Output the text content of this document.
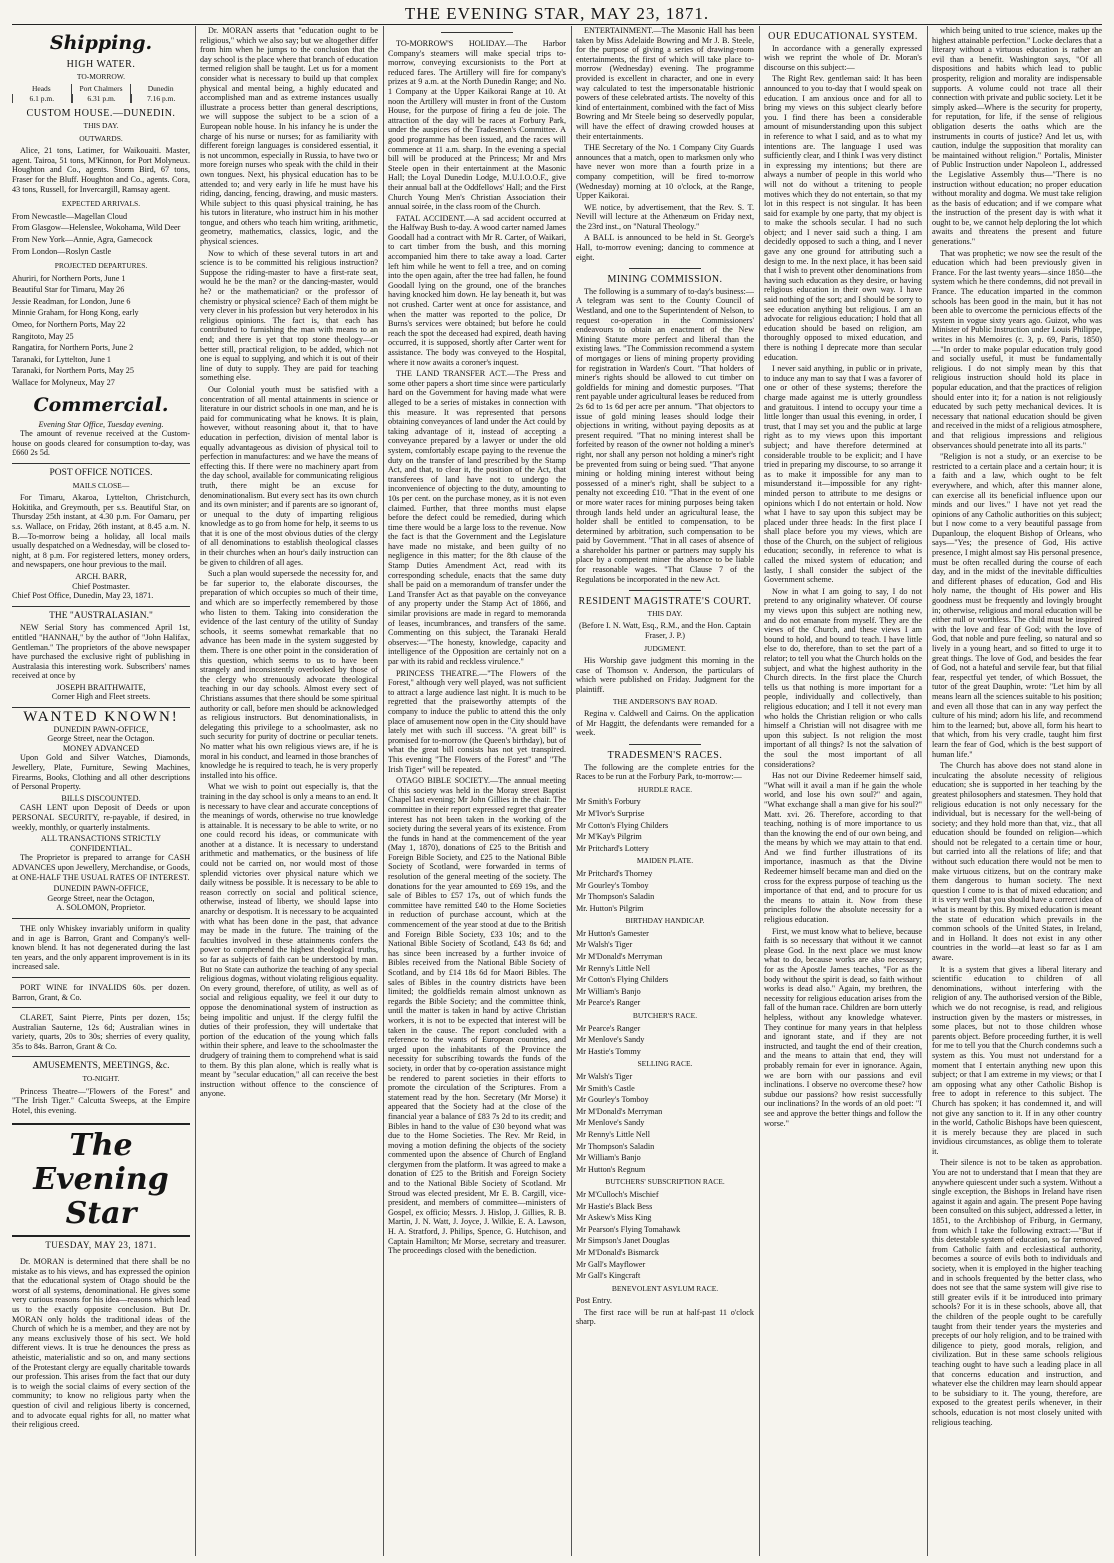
THE EVENING STAR, MAY 23, 1871.
Shipping.
HIGH WATER.
TO-MORROW.
Heads
6.1 p.m.
Port Chalmers
6.31 p.m.
Dunedin
7.16 p.m.
CUSTOM HOUSE.—DUNEDIN.
THIS DAY.
OUTWARDS.

Alice, 21 tons, Latimer, for Waikouaiti. Master, agent. Tairoa, 51 tons, M'Kinnon, for Port Molyneux. Houghton and Co., agents. Storm Bird, 67 tons, Fraser for the Bluff. Houghton and Co., agents. Cora, 43 tons, Russell, for Invercargill, Ramsay agent.

EXPECTED ARRIVALS.

From Newcastle—Magellan Cloud

From Glasgow—Helenslee, Wokohama, Wild Deer

From New York—Annie, Agra, Gamecock

From London—Roslyn Castle

PROJECTED DEPARTURES.

Ahuriri, for Northern Ports, June 1

Beautiful Star for Timaru, May 26

Jessie Readman, for London, June 6

Minnie Graham, for Hong Kong, early

Omeo, for Northern Ports, May 22

Rangitoto, May 25

Rangatira, for Northern Ports, June 2

Taranaki, for Lyttelton, June 1

Taranaki, for Northern Ports, May 25

Wallace for Molyneux, May 27

Commercial.
Evening Star Office, Tuesday evening.

The amount of revenue received at the Custom-house on goods cleared for consumption to-day, was £660 2s 5d.

POST OFFICE NOTICES.
MAILS CLOSE—

For Timaru, Akaroa, Lyttelton, Christchurch, Hokitika, and Greymouth, per s.s. Beautiful Star, on Thursday 25th instant, at 4.30 p.m. For Oamaru, per s.s. Wallace, on Friday, 26th instant, at 8.45 a.m. N. B.—To-morrow being a holiday, all local mails usually despatched on a Wednesday, will be closed to-night, at 8 p.m. For registered letters, money orders, and newspapers, one hour previous to the mail.

ARCH. BARR,
Chief Postmaster.
Chief Post Office, Dunedin, May 23, 1871.
THE "AUSTRALASIAN."

NEW Serial Story has commenced April 1st, entitled "HANNAH," by the author of "John Halifax, Gentleman." The proprietors of the above newspaper have purchased the exclusive right of publishing in Australasia this interesting work. Subscribers' names received at once by

JOSEPH BRAITHWAITE,
Corner High and Fleet streets.
WANTED KNOWN!
DUNEDIN PAWN-OFFICE,
George Street, near the Octagon.
MONEY ADVANCED

Upon Gold and Silver Watches, Diamonds, Jewellery, Plate, Furniture, Sewing Machines, Firearms, Books, Clothing and all other descriptions of Personal Property.

BILLS DISCOUNTED.

CASH LENT upon Deposit of Deeds or upon PERSONAL SECURITY, re-payable, if desired, in weekly, monthly, or quarterly instalments.

ALL TRANSACTIONS STRICTLY CONFIDENTIAL.

The Proprietor is prepared to arrange for CASH ADVANCES upon Jewellery, Merchandise, or Goods, at ONE-HALF THE USUAL RATES OF INTEREST.

DUNEDIN PAWN-OFFICE,
George Street, near the Octagon,
A. SOLOMON, Proprietor.

THE only Whiskey invariably uniform in quality and in age is Barron, Grant and Company's well-known blend. It has not degenerated during the last ten years, and the only apparent improvement is in its increased sale.

PORT WINE for INVALIDS 60s. per dozen. Barron, Grant, & Co.

CLARET, Saint Pierre, Pints per dozen, 15s; Australian Sauterne, 12s 6d; Australian wines in variety, quarts, 20s to 30s; sherries of every quality, 35s to 84s. Barron, Grant & Co.

AMUSEMENTS, MEETINGS, &c.
TO-NIGHT.

Princess Theatre—"Flowers of the Forest" and "The Irish Tiger." Calcutta Sweeps, at the Empire Hotel, this evening.

The Evening Star
TUESDAY, MAY 23, 1871.

Dr. MORAN is determined that there shall be no mistake as to his views, and has expressed the opinion that the educational system of Otago should be the worst of all systems, denominational. He gives some very curious reasons for his idea—reasons which lead us to the exactly opposite conclusion. But Dr. MORAN only holds the traditional ideas of the Church of which he is a member, and they are not by any means exclusively those of his sect. We hold different views. It is true he denounces the press as atheistic, materialistic and so on, and many sections of the Protestant clergy are equally charitable towards our profession. This arises from the fact that our duty is to weigh the social claims of every section of the community; to know no religious party when the question of civil and religious liberty is concerned, and to advocate equal rights for all, no matter what their religious creed.

Dr. MORAN asserts that "education ought to be religious," which we also say; but we altogether differ from him when he jumps to the conclusion that the day school is the place where that branch of education termed religion shall be taught. Let us for a moment consider what is necessary to build up that complex physical and mental being, a highly educated and accomplished man and as extreme instances usually illustrate a process better than general descriptions, we will suppose the subject to be a scion of a European noble house. In his infancy he is under the charge of his nurse or nurses; for as familiarity with different foreign languages is considered essential, it is not uncommon, especially in Russia, to have two or more foreign nurses who speak with the child in their own tongues. Next, his physical education has to be attended to; and very early in life he must have his riding, dancing, fencing, drawing, and music masters. While subject to this quasi physical training, he has his tutors in literature, who instruct him in his mother tongue, and others who teach him writing, arithmetic, geometry, mathematics, classics, logic, and the physical sciences.

Now to which of these several tutors in art and science is to be committed his religious instruction? Suppose the riding-master to have a first-rate seat, would he be the man? or the dancing-master, would he? or the mathematician? or the professor of chemistry or physical science? Each of them might be very clever in his profession but very heterodox in his religious opinions. The fact is, that each has contributed to furnishing the man with means to an end; and there is yet that top stone theology—or better still, practical religion, to be added, which not one is equal to supplying, and which it is out of their line of duty to supply. They are paid for teaching something else.

Our Colonial youth must be satisfied with a concentration of all mental attainments in science or literature in our district schools in one man, and he is paid for communicating what he knows. It is plain, however, without reasoning about it, that to have education in perfection, division of mental labor is equally advantageous as division of physical toil to perfection in manufactures: and we have the means of effecting this. If there were no machinery apart from the day school, available for communicating religious truth, there might be an excuse for denominationalism. But every sect has its own church and its own minister; and if parents are so ignorant of, or unequal to the duty of imparting religious knowledge as to go from home for help, it seems to us that it is one of the most obvious duties of the clergy of all denominations to establish theological classes in their churches when an hour's daily instruction can be given to children of all ages.

Such a plan would supersede the necessity for, and be far superior to, the elaborate discourses, the preparation of which occupies so much of their time, and which are so imperfectly remembered by those who listen to them. Taking into consideration the evidence of the last century of the utility of Sunday schools, it seems somewhat remarkable that no advance has been made in the system suggested by them. There is one other point in the consideration of this question, which seems to us to have been strangely and inconsistently overlooked by those of the clergy who strenuously advocate theological teaching in our day schools. Almost every sect of Christians assumes that there should be some spiritual authority or call, before men should be acknowledged as religious instructors. But denominationalists, in delegating this privilege to a schoolmaster, ask no such security for purity of doctrine or peculiar tenets. No matter what his own religious views are, if he is moral in his conduct, and learned in those branches of knowledge he is required to teach, he is very properly installed into his office.

What we wish to point out especially is, that the training in the day school is only a means to an end. It is necessary to have clear and accurate conceptions of the meanings of words, otherwise no true knowledge is attainable. It is necessary to be able to write, or no one could record his ideas, or communicate with another at a distance. It is necessary to understand arithmetic and mathematics, or the business of life could not be carried on, nor would most of those splendid victories over physical nature which we daily witness be possible. It is necessary to be able to reason correctly on social and political science, otherwise, instead of liberty, we should lapse into anarchy or despotism. It is necessary to be acquainted with what has been done in the past, that advance may be made in the future. The training of the faculties involved in these attainments confers the power to comprehend the highest theological truths, so far as subjects of faith can be understood by man. But no State can authorize the teaching of any special religious dogmas, without violating religious equality. On every ground, therefore, of utility, as well as of social and religious equality, we feel it our duty to oppose the denominational system of instruction as being impolitic and unjust. If the clergy fulfil the duties of their profession, they will undertake that portion of the education of the young which falls within their sphere, and leave to the schoolmaster the drudgery of training them to comprehend what is said to them. By this plan alone, which is really what is meant by "secular education," all can receive the best instruction without offence to the conscience of anyone.

TO-MORROW'S HOLIDAY.—The Harbor Company's steamers will make special trips to-morrow, conveying excursionists to the Port at reduced fares. The Artillery will fire for company's prizes at 9 a.m. at the North Dunedin Range; and No. 1 Company at the Upper Kaikorai Range at 10. At noon the Artillery will muster in front of the Custom House, for the purpose of firing a feu de joie. The attraction of the day will be races at Forbury Park, under the auspices of the Tradesmen's Committee. A good programme has been issued, and the races will commence at 11 a.m. sharp. In the evening a special bill will be produced at the Princess; Mr and Mrs Steele open in their entertainment at the Masonic Hall; the Loyal Dunedin Lodge, M.U.I.O.O.F., give their annual ball at the Oddfellows' Hall; and the First Church Young Men's Christian Association their annual soirée, in the class room of the Church.

FATAL ACCIDENT.—A sad accident occurred at the Halfway Bush to-day. A wood carter named James Goodall had a contract with Mr R. Carter, of Waikari, to cart timber from the bush, and this morning accompanied him there to take away a load. Carter left him while he went to fell a tree, and on coming into the open again, after the tree had fallen, he found Goodall lying on the ground, one of the branches having knocked him down. He lay beneath it, but was not crushed. Carter went at once for assistance, and when the matter was reported to the police, Dr Burns's services were obtained; but before he could reach the spot the deceased had expired, death having occurred, it is supposed, shortly after Carter went for assistance. The body was conveyed to the Hospital, where it now awaits a coroner's inquest.

THE LAND TRANSFER ACT.—The Press and some other papers a short time since were particularly hard on the Government for having made what were alleged to be a series of mistakes in connection with this measure. It was represented that persons obtaining conveyances of land under the Act could by taking advantage of it, instead of accepting a conveyance prepared by a lawyer or under the old system, comfortably escape paying to the revenue the duty on the transfer of land prescribed by the Stamp Act, and that, to clear it, the position of the Act, that transferees of land have not to undergo the inconvenience of objecting to the duty, amounting to 10s per cent. on the purchase money, as it is not even claimed. Further, that three months must elapse before the defect could be remedied, during which time there would be a large loss to the revenue. Now the fact is that the Government and the Legislature have made no mistake, and been guilty of no negligence in this matter; for the 8th clause of the Stamp Duties Amendment Act, read with its corresponding schedule, enacts that the same duty shall be paid on a memorandum of transfer under the Land Transfer Act as that payable on the conveyance of any property under the Stamp Act of 1866, and similar provisions are made in regard to memoranda of leases, incumbrances, and transfers of the same. Commenting on this subject, the Taranaki Herald observes:—"The honesty, knowledge, capacity and intelligence of the Opposition are certainly not on a par with its rabid and reckless virulence."

PRINCESS THEATRE.—"The Flowers of the Forest," although very well played, was not sufficient to attract a large audience last night. It is much to be regretted that the praiseworthy attempts of the company to induce the public to attend this the only place of amusement now open in the City should have lately met with such ill success. "A great bill" is promised for to-morrow (the Queen's birthday), but of what the great bill consists has not yet transpired. This evening "The Flowers of the Forest" and "The Irish Tiger" will be repeated.

OTAGO BIBLE SOCIETY.—The annual meeting of this society was held in the Moray street Baptist Chapel last evening; Mr John Gillies in the chair. The committee in their report expressed regret that greater interest has not been taken in the working of the society during the several years of its existence. From the funds in hand at the commencement of the year (May 1, 1870), donations of £25 to the British and Foreign Bible Society, and £25 to the National Bible Society of Scotland, were forwarded in terms of resolution of the general meeting of the society. The donations for the year amounted to £69 19s, and the sale of Bibles to £57 17s, out of which funds the committee have remitted £40 to the Home Societies in reduction of purchase account, which at the commencement of the year stood at due to the British and Foreign Bible Society, £33 10s; and to the National Bible Society of Scotland, £43 8s 6d; and has since been increased by a further invoice of Bibles received from the National Bible Society of Scotland, and by £14 18s 6d for Maori Bibles. The sales of Bibles in the country districts have been limited; the goldfields remain almost unknown as regards the Bible Society; and the committee think, until the matter is taken in hand by active Christian workers, it is not to be expected that interest will be taken in the cause. The report concluded with a reference to the wants of European countries, and urged upon the inhabitants of the Province the necessity for subscribing towards the funds of the society, in order that by co-operation assistance might be rendered to parent societies in their efforts to promote the circulation of the Scriptures. From a statement read by the hon. Secretary (Mr Morse) it appeared that the Society had at the close of the financial year a balance of £83 7s 2d to its credit; and Bibles in hand to the value of £30 beyond what was due to the Home Societies. The Rev. Mr Reid, in moving a motion defining the objects of the society commented upon the absence of Church of England clergymen from the platform. It was agreed to make a donation of £25 to the British and Foreign Society and to the National Bible Society of Scotland. Mr Stroud was elected president, Mr E. B. Cargill, vice-president, and members of committee—ministers of Gospel, ex officio; Messrs. J. Hislop, J. Gillies, R. B. Martin, J. N. Watt, J. Joyce, J. Wilkie, E. A. Lawson, H. A. Stratford, J. Philips, Spence, G. Hutchison, and Captain Hamilton; Mr Morse, secretary and treasurer. The proceedings closed with the benediction.

ENTERTAINMENT.—The Masonic Hall has been taken by Miss Adelaide Bowring and Mr J. B. Steele, for the purpose of giving a series of drawing-room entertainments, the first of which will take place to-morrow (Wednesday) evening. The programme provided is excellent in character, and one in every way calculated to test the impersonatable histrionic powers of these celebrated artists. The novelty of this kind of entertainment, combined with the fact of Miss Bowring and Mr Steele being so deservedly popular, will have the effect of drawing crowded houses at their entertainments.

THE Secretary of the No. 1 Company City Guards announces that a match, open to marksmen only who have never won more than a fourth prize in a company competition, will be fired to-morrow (Wednesday) morning at 10 o'clock, at the Range, Upper Kaikorai.

WE notice, by advertisement, that the Rev. S. T. Nevill will lecture at the Athenæum on Friday next, the 23rd inst., on "Natural Theology."

A BALL is announced to be held in St. George's Hall, to-morrow evening; dancing to commence at eight.

MINING COMMISSION.

The following is a summary of to-day's business:— A telegram was sent to the County Council of Westland, and one to the Superintendent of Nelson, to request co-operation in the Commissioners' endeavours to obtain an enactment of the New Mining Statute more perfect and liberal than the existing laws. "The Commission recommend a system of mortgages or liens of mining property providing for registration in Warden's Court. "That holders of miner's rights should be allowed to cut timber on goldfields for mining and domestic purposes. "That rent payable under agricultural leases be reduced from 2s 6d to 1s 6d per acre per annum. "That objectors to issue of gold mining leases should lodge their objections in writing, without paying deposits as at present required. "That no mining interest shall be forfeited by reason of the owner not holding a miner's right, nor shall any person not holding a miner's right be prevented from suing or being sued. "That anyone mining or holding mining interest without being possessed of a miner's right, shall be subject to a penalty not exceeding £10. "That in the event of one or more water races for mining purposes being taken through lands held under an agricultural lease, the holder shall be entitled to compensation, to be determined by arbitration, such compensation to be paid by Government. "That in all cases of absence of a shareholder his partner or partners may supply his place by a competent miner the absence to be liable for reasonable wages. "That Clause 7 of the Regulations be incorporated in the new Act.

RESIDENT MAGISTRATE'S COURT.
THIS DAY.
(Before I. N. Watt, Esq., R.M., and the Hon. Captain Fraser, J. P.)
JUDGMENT.

His Worship gave judgment this morning in the case of Thomson v. Anderson, the particulars of which were published on Friday. Judgment for the plaintiff.

THE ANDERSON'S BAY ROAD.

Regina v. Caldwell and Cairns. On the application of Mr Haggitt, the defendants were remanded for a week.

TRADESMEN'S RACES.

The following are the complete entries for the Races to be run at the Forbury Park, to-morrow:—

HURDLE RACE.

Mr Smith's Forbury

Mr M'Ivor's Surprise

Mr Cotton's Flying Childers

Mr M'Kay's Pilgrim

Mr Pritchard's Lottery

MAIDEN PLATE.

Mr Pritchard's Thorney

Mr Gourley's Tomboy

Mr Thompson's Saladin

Mr. Hutton's Pilgrim

BIRTHDAY HANDICAP.

Mr Hutton's Gamester

Mr Walsh's Tiger

Mr M'Donald's Merryman

Mr Renny's Little Nell

Mr Cotton's Flying Childers

Mr William's Banjo

Mr Pearce's Ranger

BUTCHER'S RACE.

Mr Pearce's Ranger

Mr Menlove's Sandy

Mr Hastie's Tommy

SELLING RACE.

Mr Walsh's Tiger

Mr Smith's Castle

Mr Gourley's Tomboy

Mr M'Donald's Merryman

Mr Menlove's Sandy

Mr Renny's Little Nell

Mr Thompson's Saladin

Mr William's Banjo

Mr Hutton's Regnum

BUTCHERS' SUBSCRIPTION RACE.

Mr M'Culloch's Mischief

Mr Hastie's Black Bess

Mr Askew's Miss King

Mr Pearson's Flying Tomahawk

Mr Simpson's Janet Douglas

Mr M'Donald's Bismarck

Mr Gall's Mayflower

Mr Gall's Kingcraft

BENEVOLENT ASYLUM RACE.

Post Entry.

The first race will be run at half-past 11 o'clock sharp.

OUR EDUCATIONAL SYSTEM.

In accordance with a generally expressed wish we reprint the whole of Dr. Moran's discourse on this subject:—

The Right Rev. gentleman said: It has been announced to you to-day that I would speak on education. I am anxious once and for all to bring my views on this subject clearly before you. I find there has been a considerable amount of misunderstanding upon this subject in reference to what I said, and as to what my intentions are. The language I used was sufficiently clear, and I think I was very distinct in expressing my intentions; but there are always a number of people in this world who will not do without a tritening to people motives which they do not entertain, so that my lot in this respect is not singular. It has been said for example by one party, that my object is to make the schools secular. I had no such object; and I never said such a thing. I am decidedly opposed to such a thing, and I never gave any one ground for attributing such a design to me. In the next place, it has been said that I wish to prevent other denominations from having such education as they desire, or having religious education in their own way. I have said nothing of the sort; and I should be sorry to see education anything but religious. I am an advocate for religious education; I hold that all education should be based on religion, am thoroughly opposed to mixed education, and there is nothing I deprecate more than secular education.

I never said anything, in public or in private, to induce any man to say that I was a favorer of one or other of these systems; therefore the charge made against me is utterly groundless and gratuitous. I intend to occupy your time a little longer than usual this evening, in order, I trust, that I may set you and the public at large right as to my views upon this important subject; and have therefore determined at considerable trouble to be explicit; and I have tried in preparing my discourse, to so arrange it as to make it impossible for any man to misunderstand it—impossible for any right-minded person to attribute to me designs or opinions which I do not entertain or hold. Now what I have to say upon this subject may be placed under three heads: In the first place I shall place before you my views, which are those of the Church, on the subject of religious education; secondly, in reference to what is called the mixed system of education; and lastly, I shall consider the subject of the Government scheme.

Now in what I am going to say, I do not pretend to any originality whatever. Of course my views upon this subject are nothing new, and do not emanate from myself. They are the views of the Church, and these views I am bound to hold, and bound to teach. I have little else to do, therefore, than to set the part of a relator; to tell you what the Church holds on the subject, and what the highest authority in the Church directs. In the first place the Church tells us that nothing is more important for a people, individually and collectively, than religious education; and I tell it not every man who holds the Christian religion or who calls himself a Christian will not disagree with me upon this subject. Is not religion the most important of all things? Is not the salvation of the soul the most important of all considerations?

Has not our Divine Redeemer himself said, "What will it avail a man if he gain the whole world, and lose his own soul?" and again, "What exchange shall a man give for his soul?" Matt. xvi. 26. Therefore, according to that teaching, nothing is of more importance to us than the knowing the end of our own being, and the means by which we may attain to that end. And we find further illustrations of its importance, inasmuch as that the Divine Redeemer himself became man and died on the cross for the express purpose of teaching us the importance of that end, and to procure for us the means to attain it. Now from these principles follow the absolute necessity for a religious education.

First, we must know what to believe, because faith is so necessary that without it we cannot please God. In the next place we must know what to do, because works are also necessary; for as the Apostle James teaches, "For as the body without the spirit is dead, so faith without works is dead also." Again, my brethren, the necessity for religious education arises from the fall of the human race. Children are born utterly helpless, without any knowledge whatever. They continue for many years in that helpless and ignorant state, and if they are not instructed, and taught the end of their creation, and the means to attain that end, they will probably remain for ever in ignorance. Again, we are born with our passions and evil inclinations. I observe no overcome these? how subdue our passions? how resist successfully our inclinations? In the words of an old poet: "I see and approve the better things and follow the worse."

which being united to true science, makes up the highest attainable perfection." Locke declares that a literary without a virtuous education is rather an evil than a benefit. Washington says, "Of all dispositions and habits which lead to public prosperity, religion and morality are indispensable supports. A volume could not trace all their connection with private and public society. Let it be simply asked—Where is the security for property, for reputation, for life, if the sense of religious obligation deserts the oaths which are the instruments in courts of justice? And let us, with caution, indulge the supposition that morality can be maintained without religion." Portalis, Minister of Public Instruction under Napoleon I., addressed the Legislative Assembly thus—"There is no instruction without education; no proper education without morality and dogma. We must take religion as the basis of education; and if we compare what the instruction of the present day is with what it ought to be, we cannot help deploring the lot which awaits and threatens the present and future generations."

That was prophetic; we now see the result of the education which had been previously given in France. For the last twenty years—since 1850—the system which he there condemns, did not prevail in France. The education imparted in the common schools has been good in the main, but it has not been able to overcome the pernicious effects of the system in vogue sixty years ago. Guizot, who was Minister of Public Instruction under Louis Philippe, writes in his Memoires (c. 3, p. 69, Paris, 1850)—"In order to make popular education truly good and socially useful, it must be fundamentally religious. I do not simply mean by this that religious instruction should hold its place in popular education, and that the practices of religion should enter into it; for a nation is not religiously educated by such petty mechanical devices. It is necessary that national education should be given and received in the midst of a religious atmosphere, and that religious impressions and religious observances should penetrate into all its parts."

"Religion is not a study, or an exercise to be restricted to a certain place and a certain hour; it is a faith and a law, which ought to be felt everywhere, and which, after this manner alone, can exercise all its beneficial influence upon our minds and our lives." I have not yet read the opinions of any Catholic authorities on this subject; but I now come to a very beautiful passage from Dupanloup, the eloquent Bishop of Orleans, who says—"Yes; the presence of God, His active presence, I might almost say His personal presence, must be often recalled during the course of each day, and in the midst of the inevitable difficulties and different phases of education, God and His holy name, the thought of His power and His goodness must be frequently and lovingly brought in; otherwise, religious and moral education will be either null or worthless. The child must be inspired with the love and fear of God; with the love of God, that noble and pure feeling, so natural and so lively in a young heart, and so fitted to urge it to great things. The love of God, and besides the fear of God, not a hateful and servile fear, but that filial fear, respectful yet tender, of which Bossuet, the tutor of the great Dauphin, wrote: "Let him by all means learn all the sciences suitable to his position; and even all those that can in any way perfect the culture of his mind; adorn his life, and recommend him to the learned; but, above all, form his heart to that which, from his very cradle, taught him first learn the fear of God, which is the best support of human life."

The Church has above does not stand alone in inculcating the absolute necessity of religious education; she is supported in her teaching by the greatest philosophers and statesmen. They hold that religious education is not only necessary for the individual, but is necessary for the well-being of society; and they hold more than that, viz., that all education should be founded on religion—which should not be relegated to a certain time or hour, but carried into all the relations of life; and that without such education there would not be men to make virtuous citizens, but on the contrary make them dangerous to human society. The next question I come to is that of mixed education; and it is very well that you should have a correct idea of what is meant by this. By mixed education is meant the state of education which prevails in the common schools of the United States, in Ireland, and in Holland. It does not exist in any other countries in the world—at least so far as I am aware.

It is a system that gives a liberal literary and scientific education to children of all denominations, without interfering with the religion of any. The authorised version of the Bible, which we do not recognise, is read, and religious instruction given by the masters or mistresses, in some places, but not to those children whose parents object. Before proceeding further, it is well for me to tell you that the Church condemns such a system as this. You must not understand for a moment that I entertain anything new upon this subject; or that I am extreme in my views; or that I am opposing what any other Catholic Bishop is free to adopt in reference to this subject. The Church has spoken; it has condemned it, and will not give any sanction to it. If in any other country in the world, Catholic Bishops have been quiescent, it is merely because they are placed in such invidious circumstances, as oblige them to tolerate it.

Their silence is not to be taken as approbation. You are not to understand that I mean that they are anywhere quiescent under such a system. Without a single exception, the Bishops in Ireland have risen against it again and again. The present Pope having been consulted on this subject, addressed a letter, in 1851, to the Archbishop of Friburg, in Germany, from which I take the following extract:—"But if this detestable system of education, so far removed from Catholic faith and ecclesiastical authority, becomes a source of evils both to individuals and society, when it is employed in the higher teaching and in schools frequented by the better class, who does not see that the same system will give rise to still greater evils if it be introduced into primary schools? For it is in these schools, above all, that the children of the people ought to be carefully taught from their tender years the mysteries and precepts of our holy religion, and to be trained with diligence to piety, good morals, religion, and civilization. But in these same schools religious teaching ought to have such a leading place in all that concerns education and instruction, and whatever else the children may learn should appear to be subsidiary to it. The young, therefore, are exposed to the greatest perils whenever, in their schools, education is not most closely united with religious teaching.
